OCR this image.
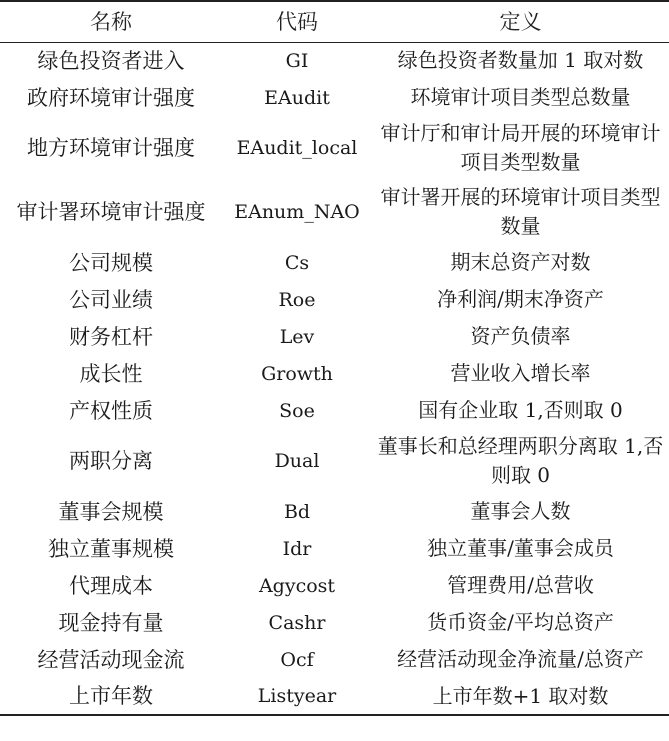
名称	代码	定义
绿色投资者进入	GI	绿色投资者数量加 1 取对数
政府环境审计强度	EAudit	环境审计项目类型总数量
地方环境审计强度	EAudit_local	审计厅和审计局开展的环境审计项目类型数量
审计署环境审计强度	EAnum_NAO	审计署开展的环境审计项目类型数量
公司规模	Cs	期末总资产对数
公司业绩	Roe	净利润/期末净资产
财务杠杆	Lev	资产负债率
成长性	Growth	营业收入增长率
产权性质	Soe	国有企业取 1,否则取 0
两职分离	Dual	董事长和总经理两职分离取 1,否则取 0
董事会规模	Bd	董事会人数
独立董事规模	Idr	独立董事/董事会成员
代理成本	Agycost	管理费用/总营收
现金持有量	Cashr	货币资金/平均总资产
经营活动现金流	Ocf	经营活动现金净流量/总资产
上市年数	Listyear	上市年数+1 取对数
